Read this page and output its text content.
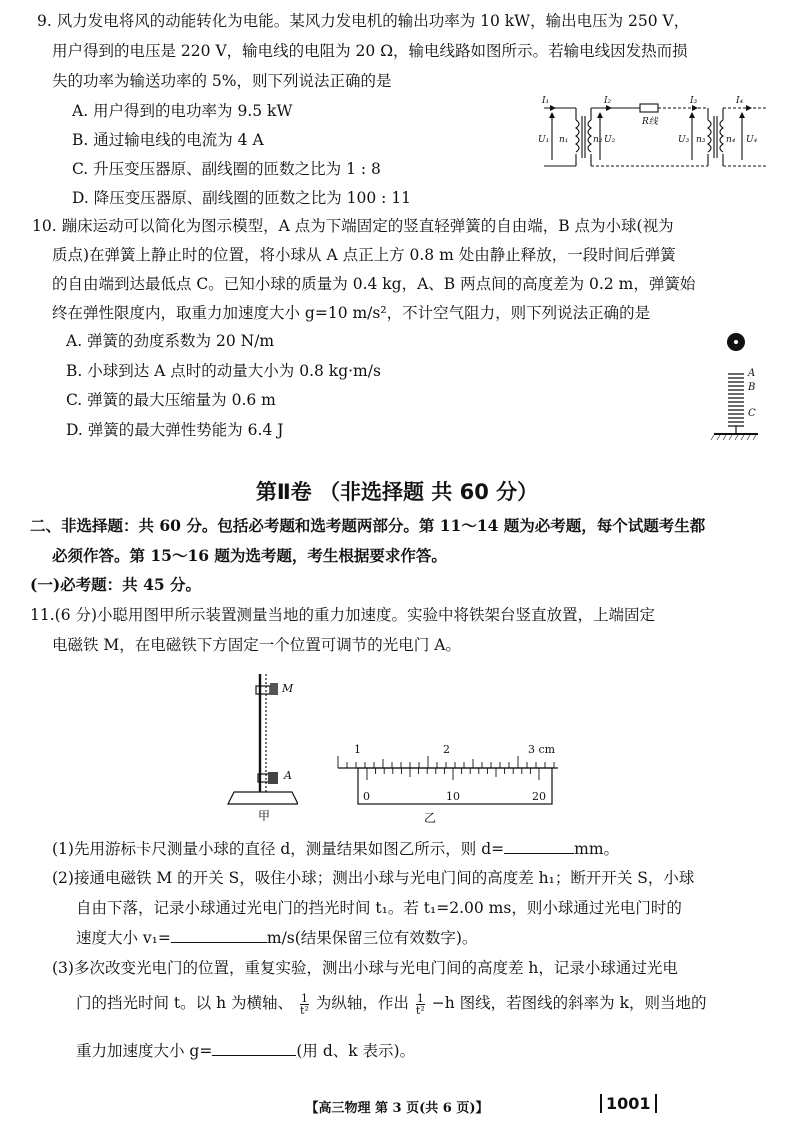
9. 风力发电将风的动能转化为电能。某风力发电机的输出功率为 10 kW，输出电压为 250 V，
用户得到的电压是 220 V，输电线的电阻为 20 Ω，输电线路如图所示。若输电线因发热而损
失的功率为输送功率的 5%，则下列说法正确的是
A. 用户得到的电功率为 9.5 kW
B. 通过输电线的电流为 4 A
C. 升压变压器原、副线圈的匝数之比为 1 : 8
D. 降压变压器原、副线圈的匝数之比为 100 : 11
I₁	I₂	I₃	I₄
R线
U₁ n₁	n₂ U₂	U₃ n₃ n₄ U₄
10. 蹦床运动可以简化为图示模型，A 点为下端固定的竖直轻弹簧的自由端，B 点为小球(视为
质点)在弹簧上静止时的位置，将小球从 A 点正上方 0.8 m 处由静止释放，一段时间后弹簧
的自由端到达最低点 C。已知小球的质量为 0.4 kg，A、B 两点间的高度差为 0.2 m，弹簧始
终在弹性限度内，取重力加速度大小 g=10 m/s²，不计空气阻力，则下列说法正确的是
A. 弹簧的劲度系数为 20 N/m
B. 小球到达 A 点时的动量大小为 0.8 kg·m/s
C. 弹簧的最大压缩量为 0.6 m
D. 弹簧的最大弹性势能为 6.4 J
A
B
C
第Ⅱ卷 （非选择题 共 60 分）
二、非选择题：共 60 分。包括必考题和选考题两部分。第 11～14 题为必考题，每个试题考生都
必须作答。第 15～16 题为选考题，考生根据要求作答。
(一)必考题：共 45 分。
11.(6 分)小聪用图甲所示装置测量当地的重力加速度。实验中将铁架台竖直放置，上端固定
电磁铁 M，在电磁铁下方固定一个位置可调节的光电门 A。
M
A
甲
1	2	3 cm
0	10	20
乙
(1)先用游标卡尺测量小球的直径 d，测量结果如图乙所示，则 d=	mm。
(2)接通电磁铁 M 的开关 S，吸住小球；测出小球与光电门间的高度差 h₁；断开开关 S，小球
自由下落，记录小球通过光电门的挡光时间 t₁。若 t₁=2.00 ms，则小球通过光电门时的
速度大小 v₁=	m/s(结果保留三位有效数字)。
(3)多次改变光电门的位置，重复实验，测出小球与光电门间的高度差 h，记录小球通过光电
门的挡光时间 t。以 h 为横轴、 $\frac{1}{\text{t²}}$ 为纵轴，作出 $\frac{1}{\text{t²}} -h$ 图线，若图线的斜率为 k，则当地的
重力加速度大小 g=	(用 d、k 表示)。
【高三物理 第 3 页(共 6 页)】	1001
